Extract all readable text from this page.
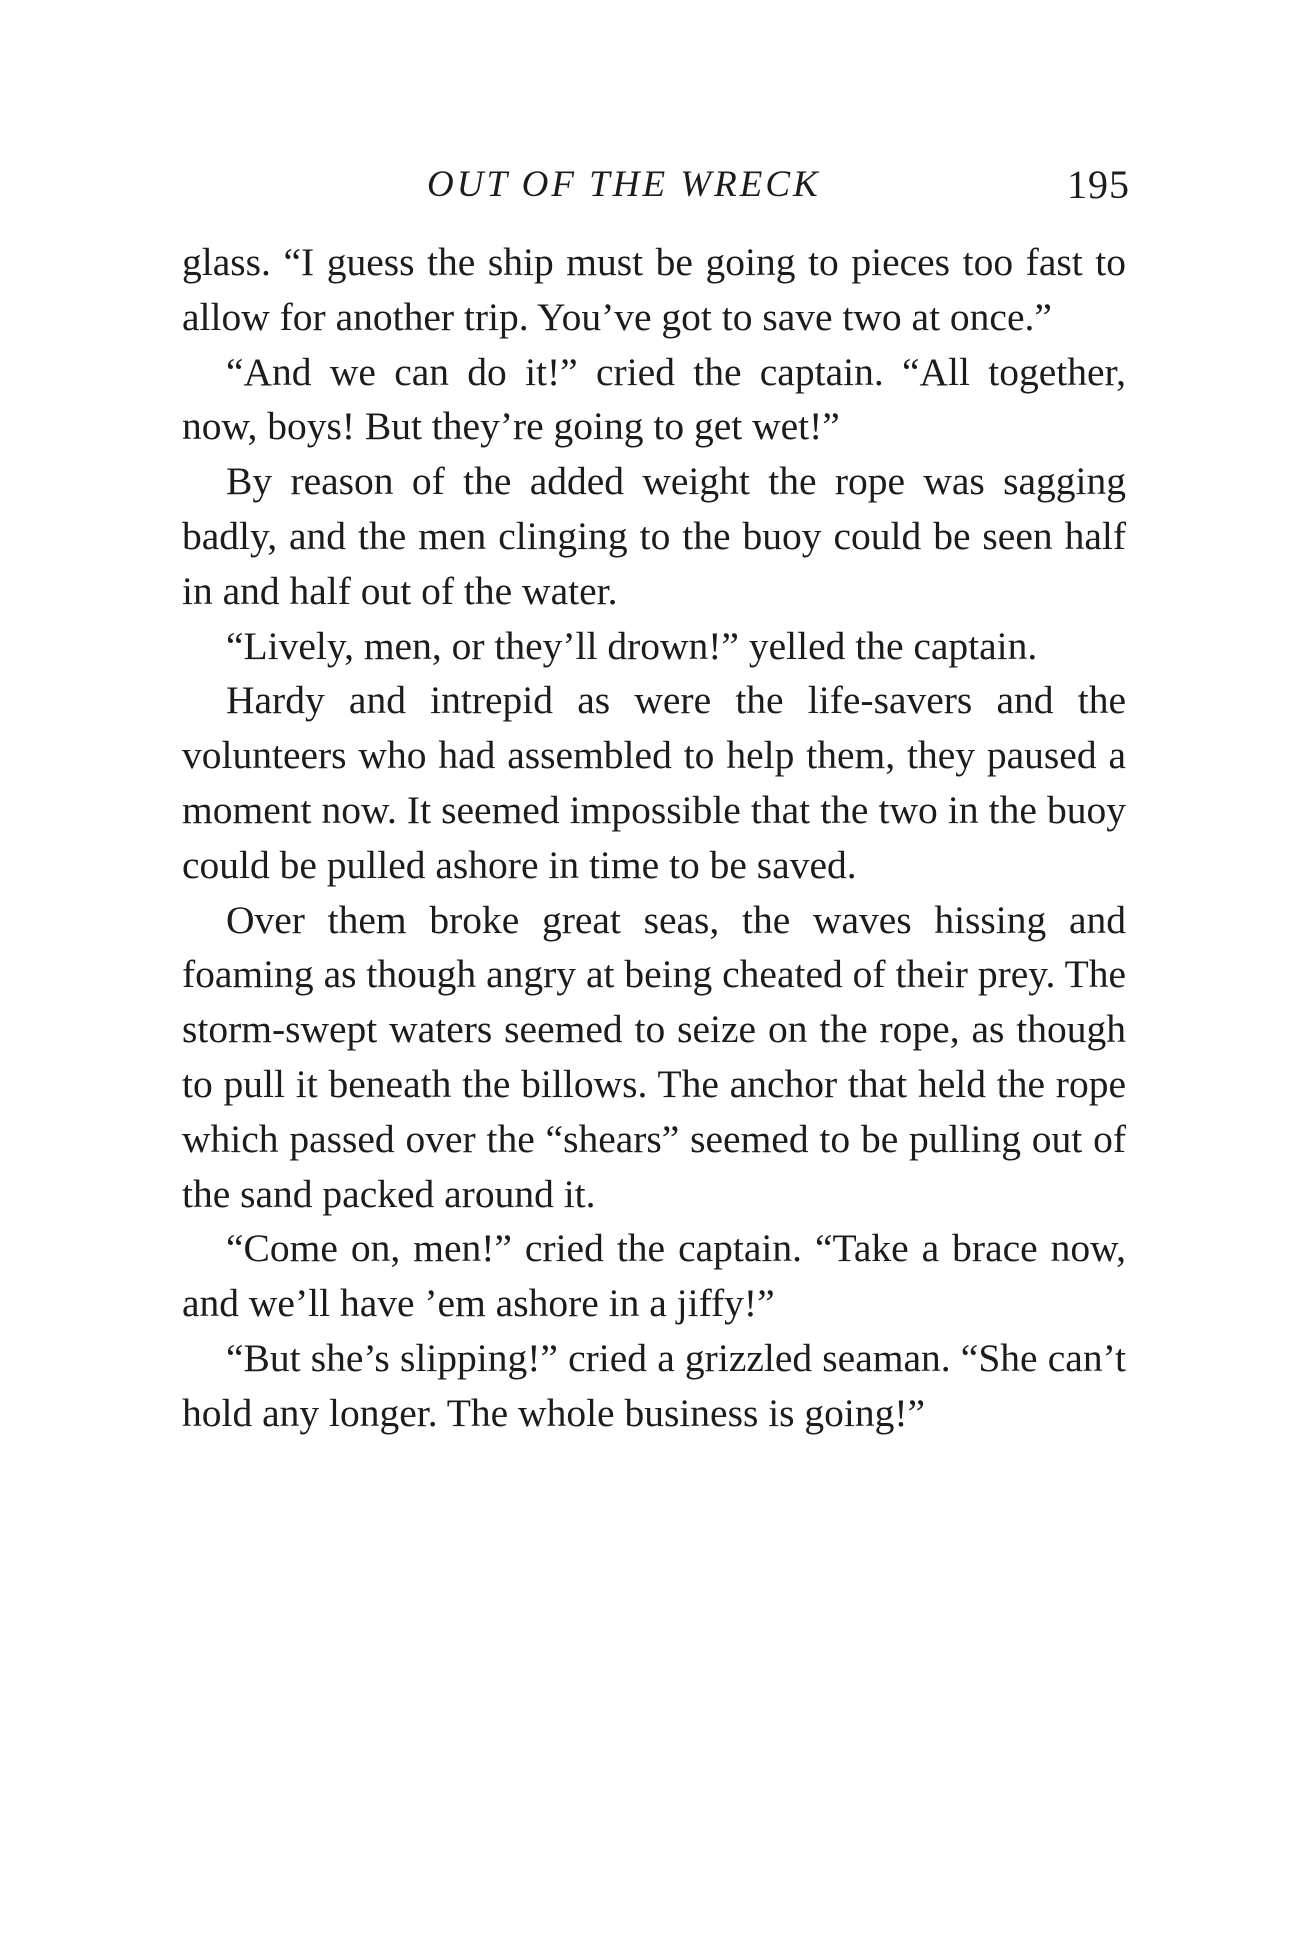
OUT OF THE WRECK	195

glass. “I guess the ship must be going to pieces too fast to allow for another trip. You’ve got to save two at once.”

“And we can do it!” cried the captain. “All together, now, boys! But they’re going to get wet!”

By reason of the added weight the rope was sagging badly, and the men clinging to the buoy could be seen half in and half out of the water.

“Lively, men, or they’ll drown!” yelled the captain.

Hardy and intrepid as were the life-savers and the volunteers who had assembled to help them, they paused a moment now. It seemed impossible that the two in the buoy could be pulled ashore in time to be saved.

Over them broke great seas, the waves hissing and foaming as though angry at being cheated of their prey. The storm-swept waters seemed to seize on the rope, as though to pull it beneath the billows. The anchor that held the rope which passed over the “shears” seemed to be pulling out of the sand packed around it.

“Come on, men!” cried the captain. “Take a brace now, and we’ll have ’em ashore in a jiffy!”

“But she’s slipping!” cried a grizzled seaman. “She can’t hold any longer. The whole business is going!”
